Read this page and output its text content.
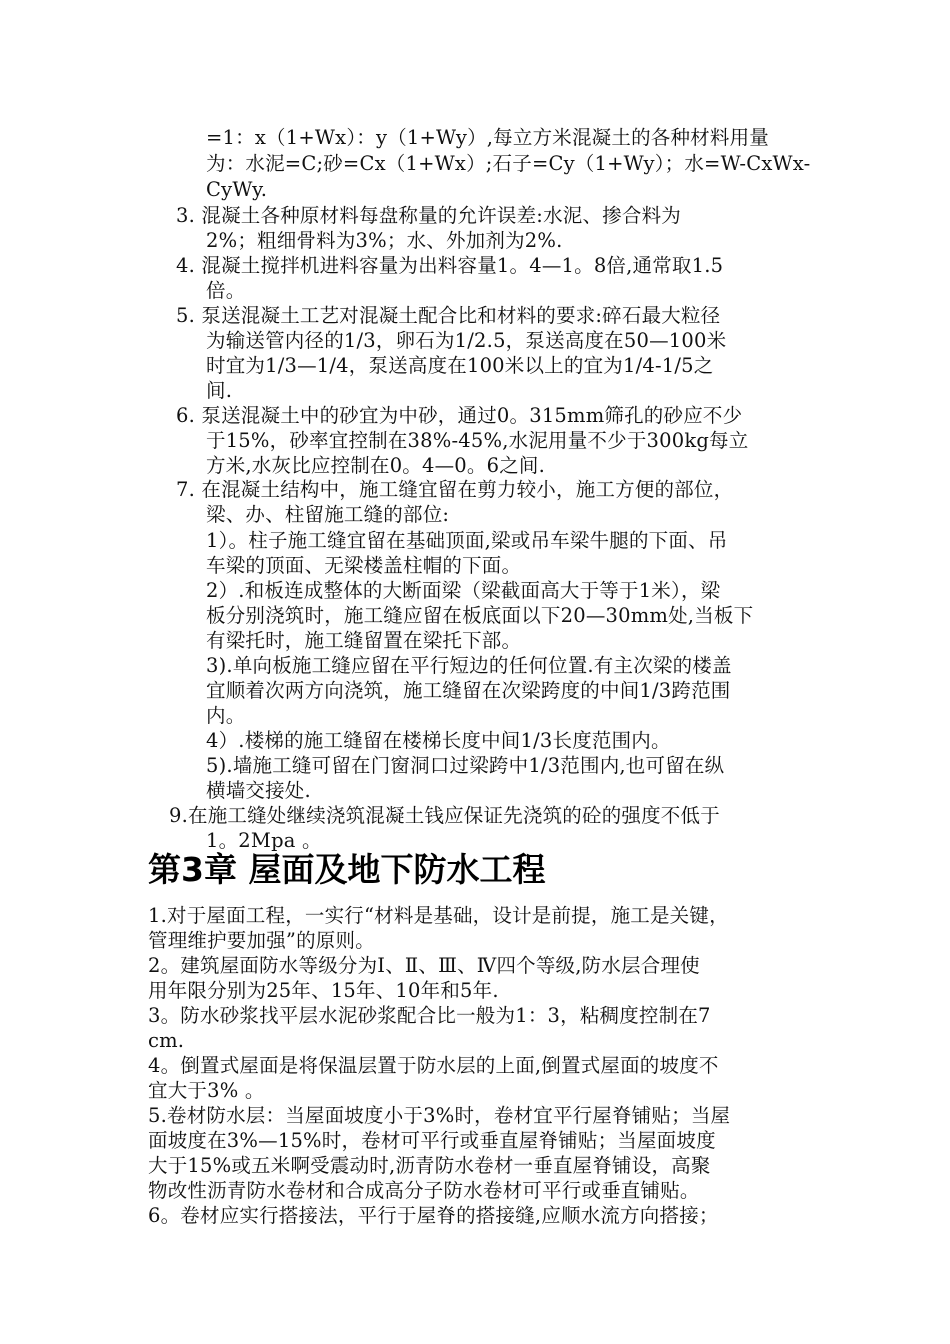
=1：x（1+Wx）：y（1+Wy）,每立方米混凝土的各种材料用量
为：水泥=C;砂=Cx（1+Wx）;石子=Cy（1+Wy）；水=W-CxWx-
CyWy.
3. 混凝土各种原材料每盘称量的允许误差:水泥、掺合料为
2%；粗细骨料为3%；水、外加剂为2%.
4. 混凝土搅拌机进料容量为出料容量1。4—1。8倍,通常取1.5
倍。
5. 泵送混凝土工艺对混凝土配合比和材料的要求:碎石最大粒径
为输送管内径的1/3，卵石为1/2.5，泵送高度在50—100米
时宜为1/3—1/4，泵送高度在100米以上的宜为1/4-1/5之
间.
6. 泵送混凝土中的砂宜为中砂，通过0。315mm筛孔的砂应不少
于15%，砂率宜控制在38%-45%,水泥用量不少于300kg每立
方米,水灰比应控制在0。4—0。6之间.
7. 在混凝土结构中，施工缝宜留在剪力较小，施工方便的部位，
梁、办、柱留施工缝的部位:
1）。柱子施工缝宜留在基础顶面,梁或吊车梁牛腿的下面、吊
车梁的顶面、无梁楼盖柱帽的下面。
2）.和板连成整体的大断面梁（梁截面高大于等于1米），梁
板分别浇筑时，施工缝应留在板底面以下20—30mm处,当板下
有梁托时，施工缝留置在梁托下部。
3).单向板施工缝应留在平行短边的任何位置.有主次梁的楼盖
宜顺着次两方向浇筑，施工缝留在次梁跨度的中间1/3跨范围
内。
4）.楼梯的施工缝留在楼梯长度中间1/3长度范围内。
5).墙施工缝可留在门窗洞口过梁跨中1/3范围内,也可留在纵
横墙交接处.
9.在施工缝处继续浇筑混凝土钱应保证先浇筑的砼的强度不低于
1。2Mpa 。
第3章 屋面及地下防水工程
1.对于屋面工程，一实行“材料是基础，设计是前提，施工是关键，
管理维护要加强”的原则。
2。建筑屋面防水等级分为Ⅰ、Ⅱ、Ⅲ、Ⅳ四个等级,防水层合理使
用年限分别为25年、15年、10年和5年.
3。防水砂浆找平层水泥砂浆配合比一般为1：3，粘稠度控制在7
cm.
4。倒置式屋面是将保温层置于防水层的上面,倒置式屋面的坡度不
宜大于3% 。
5.卷材防水层：当屋面坡度小于3%时，卷材宜平行屋脊铺贴；当屋
面坡度在3%—15%时，卷材可平行或垂直屋脊铺贴；当屋面坡度
大于15%或五米啊受震动时,沥青防水卷材一垂直屋脊铺设，高聚
物改性沥青防水卷材和合成高分子防水卷材可平行或垂直铺贴。
6。卷材应实行搭接法，平行于屋脊的搭接缝,应顺水流方向搭接；
